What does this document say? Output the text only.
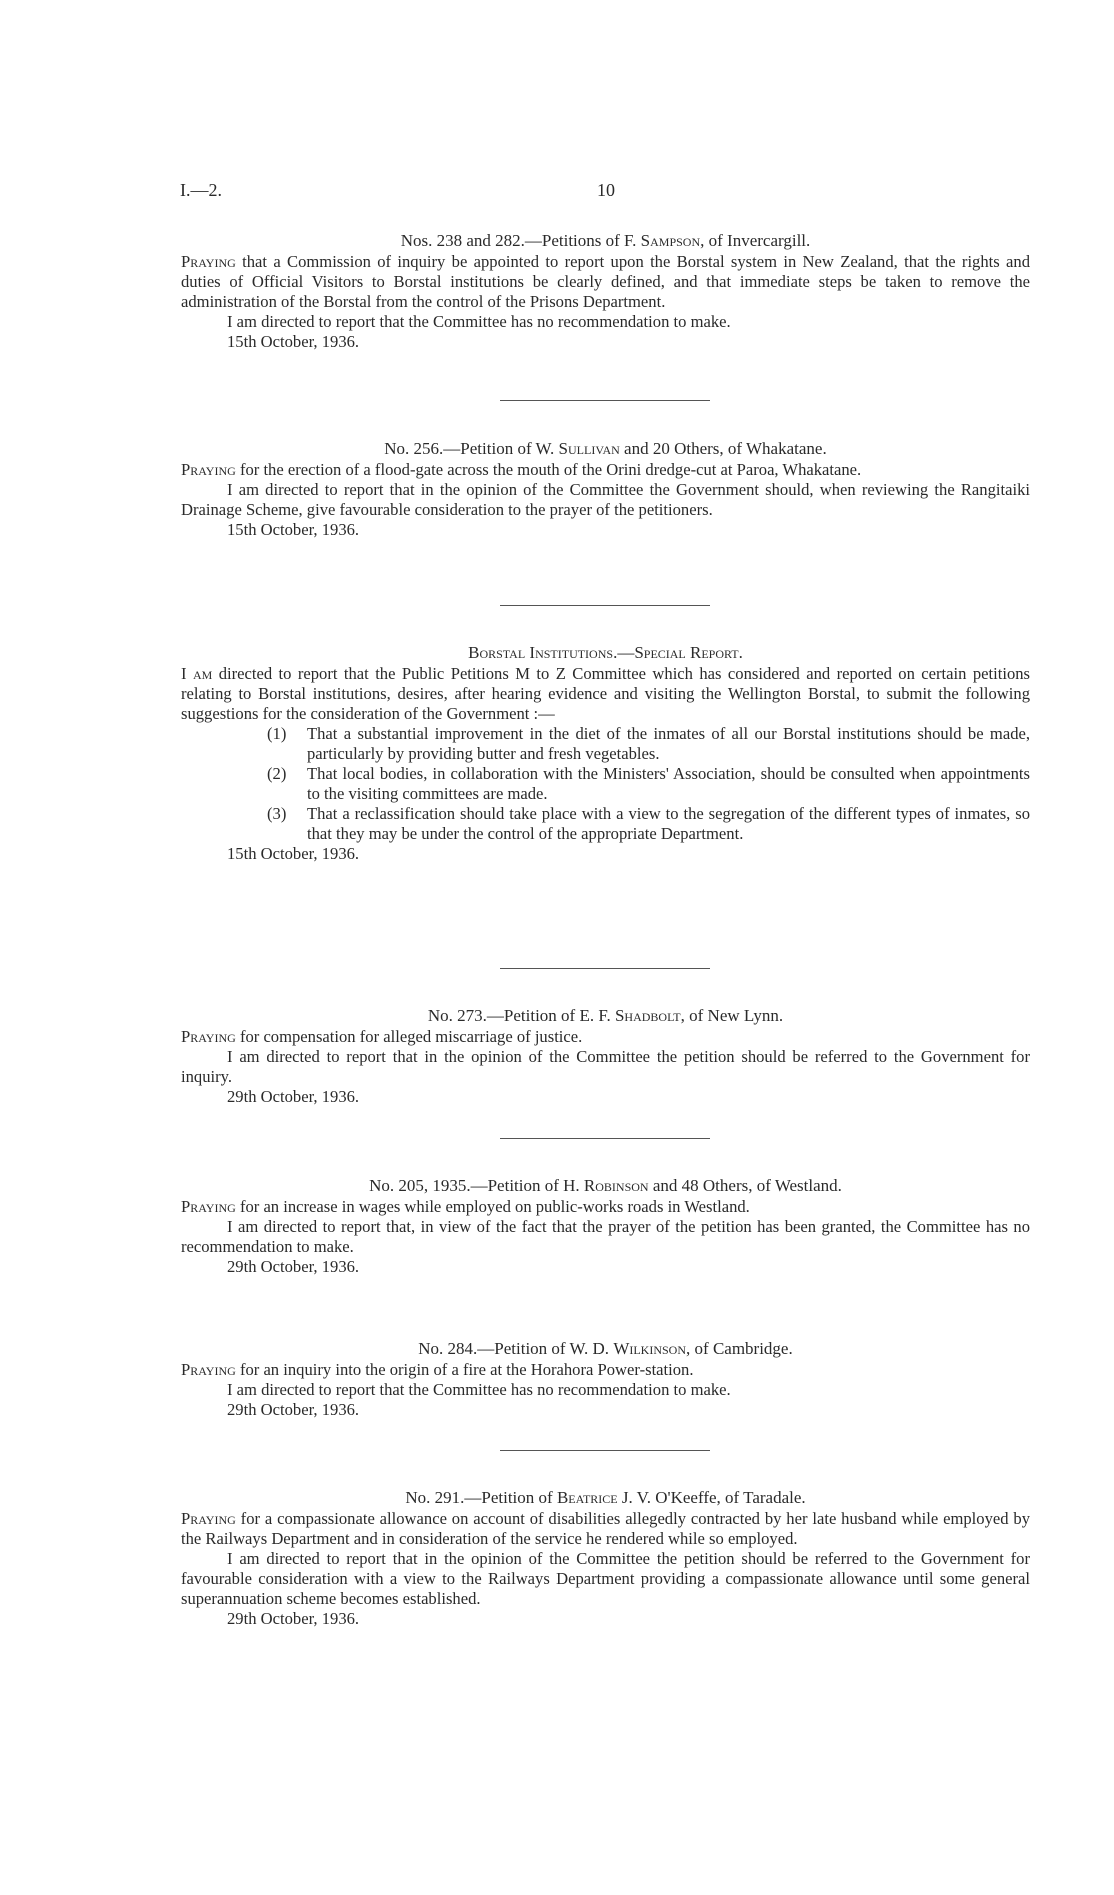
I.—2.	10

Nos. 238 and 282.—Petitions of F. Sampson, of Invercargill.

Praying that a Commission of inquiry be appointed to report upon the Borstal system in New Zealand, that the rights and duties of Official Visitors to Borstal institutions be clearly defined, and that immediate steps be taken to remove the administration of the Borstal from the control of the Prisons Department.

I am directed to report that the Committee has no recommendation to make.

15th October, 1936.

No. 256.—Petition of W. Sullivan and 20 Others, of Whakatane.

Praying for the erection of a flood-gate across the mouth of the Orini dredge-cut at Paroa, Whakatane.

I am directed to report that in the opinion of the Committee the Government should, when reviewing the Rangitaiki Drainage Scheme, give favourable consideration to the prayer of the petitioners.

15th October, 1936.

Borstal Institutions.—Special Report.

I am directed to report that the Public Petitions M to Z Committee which has considered and reported on certain petitions relating to Borstal institutions, desires, after hearing evidence and visiting the Wellington Borstal, to submit the following suggestions for the consideration of the Government :—

(1) That a substantial improvement in the diet of the inmates of all our Borstal institutions should be made, particularly by providing butter and fresh vegetables.
(2) That local bodies, in collaboration with the Ministers' Association, should be consulted when appointments to the visiting committees are made.
(3) That a reclassification should take place with a view to the segregation of the different types of inmates, so that they may be under the control of the appropriate Department.

15th October, 1936.

No. 273.—Petition of E. F. Shadbolt, of New Lynn.

Praying for compensation for alleged miscarriage of justice.

I am directed to report that in the opinion of the Committee the petition should be referred to the Government for inquiry.

29th October, 1936.

No. 205, 1935.—Petition of H. Robinson and 48 Others, of Westland.

Praying for an increase in wages while employed on public-works roads in Westland.

I am directed to report that, in view of the fact that the prayer of the petition has been granted, the Committee has no recommendation to make.

29th October, 1936.

No. 284.—Petition of W. D. Wilkinson, of Cambridge.

Praying for an inquiry into the origin of a fire at the Horahora Power-station.

I am directed to report that the Committee has no recommendation to make.

29th October, 1936.

No. 291.—Petition of Beatrice J. V. O'Keeffe, of Taradale.

Praying for a compassionate allowance on account of disabilities allegedly contracted by her late husband while employed by the Railways Department and in consideration of the service he rendered while so employed.

I am directed to report that in the opinion of the Committee the petition should be referred to the Government for favourable consideration with a view to the Railways Department providing a compassionate allowance until some general superannuation scheme becomes established.

29th October, 1936.
